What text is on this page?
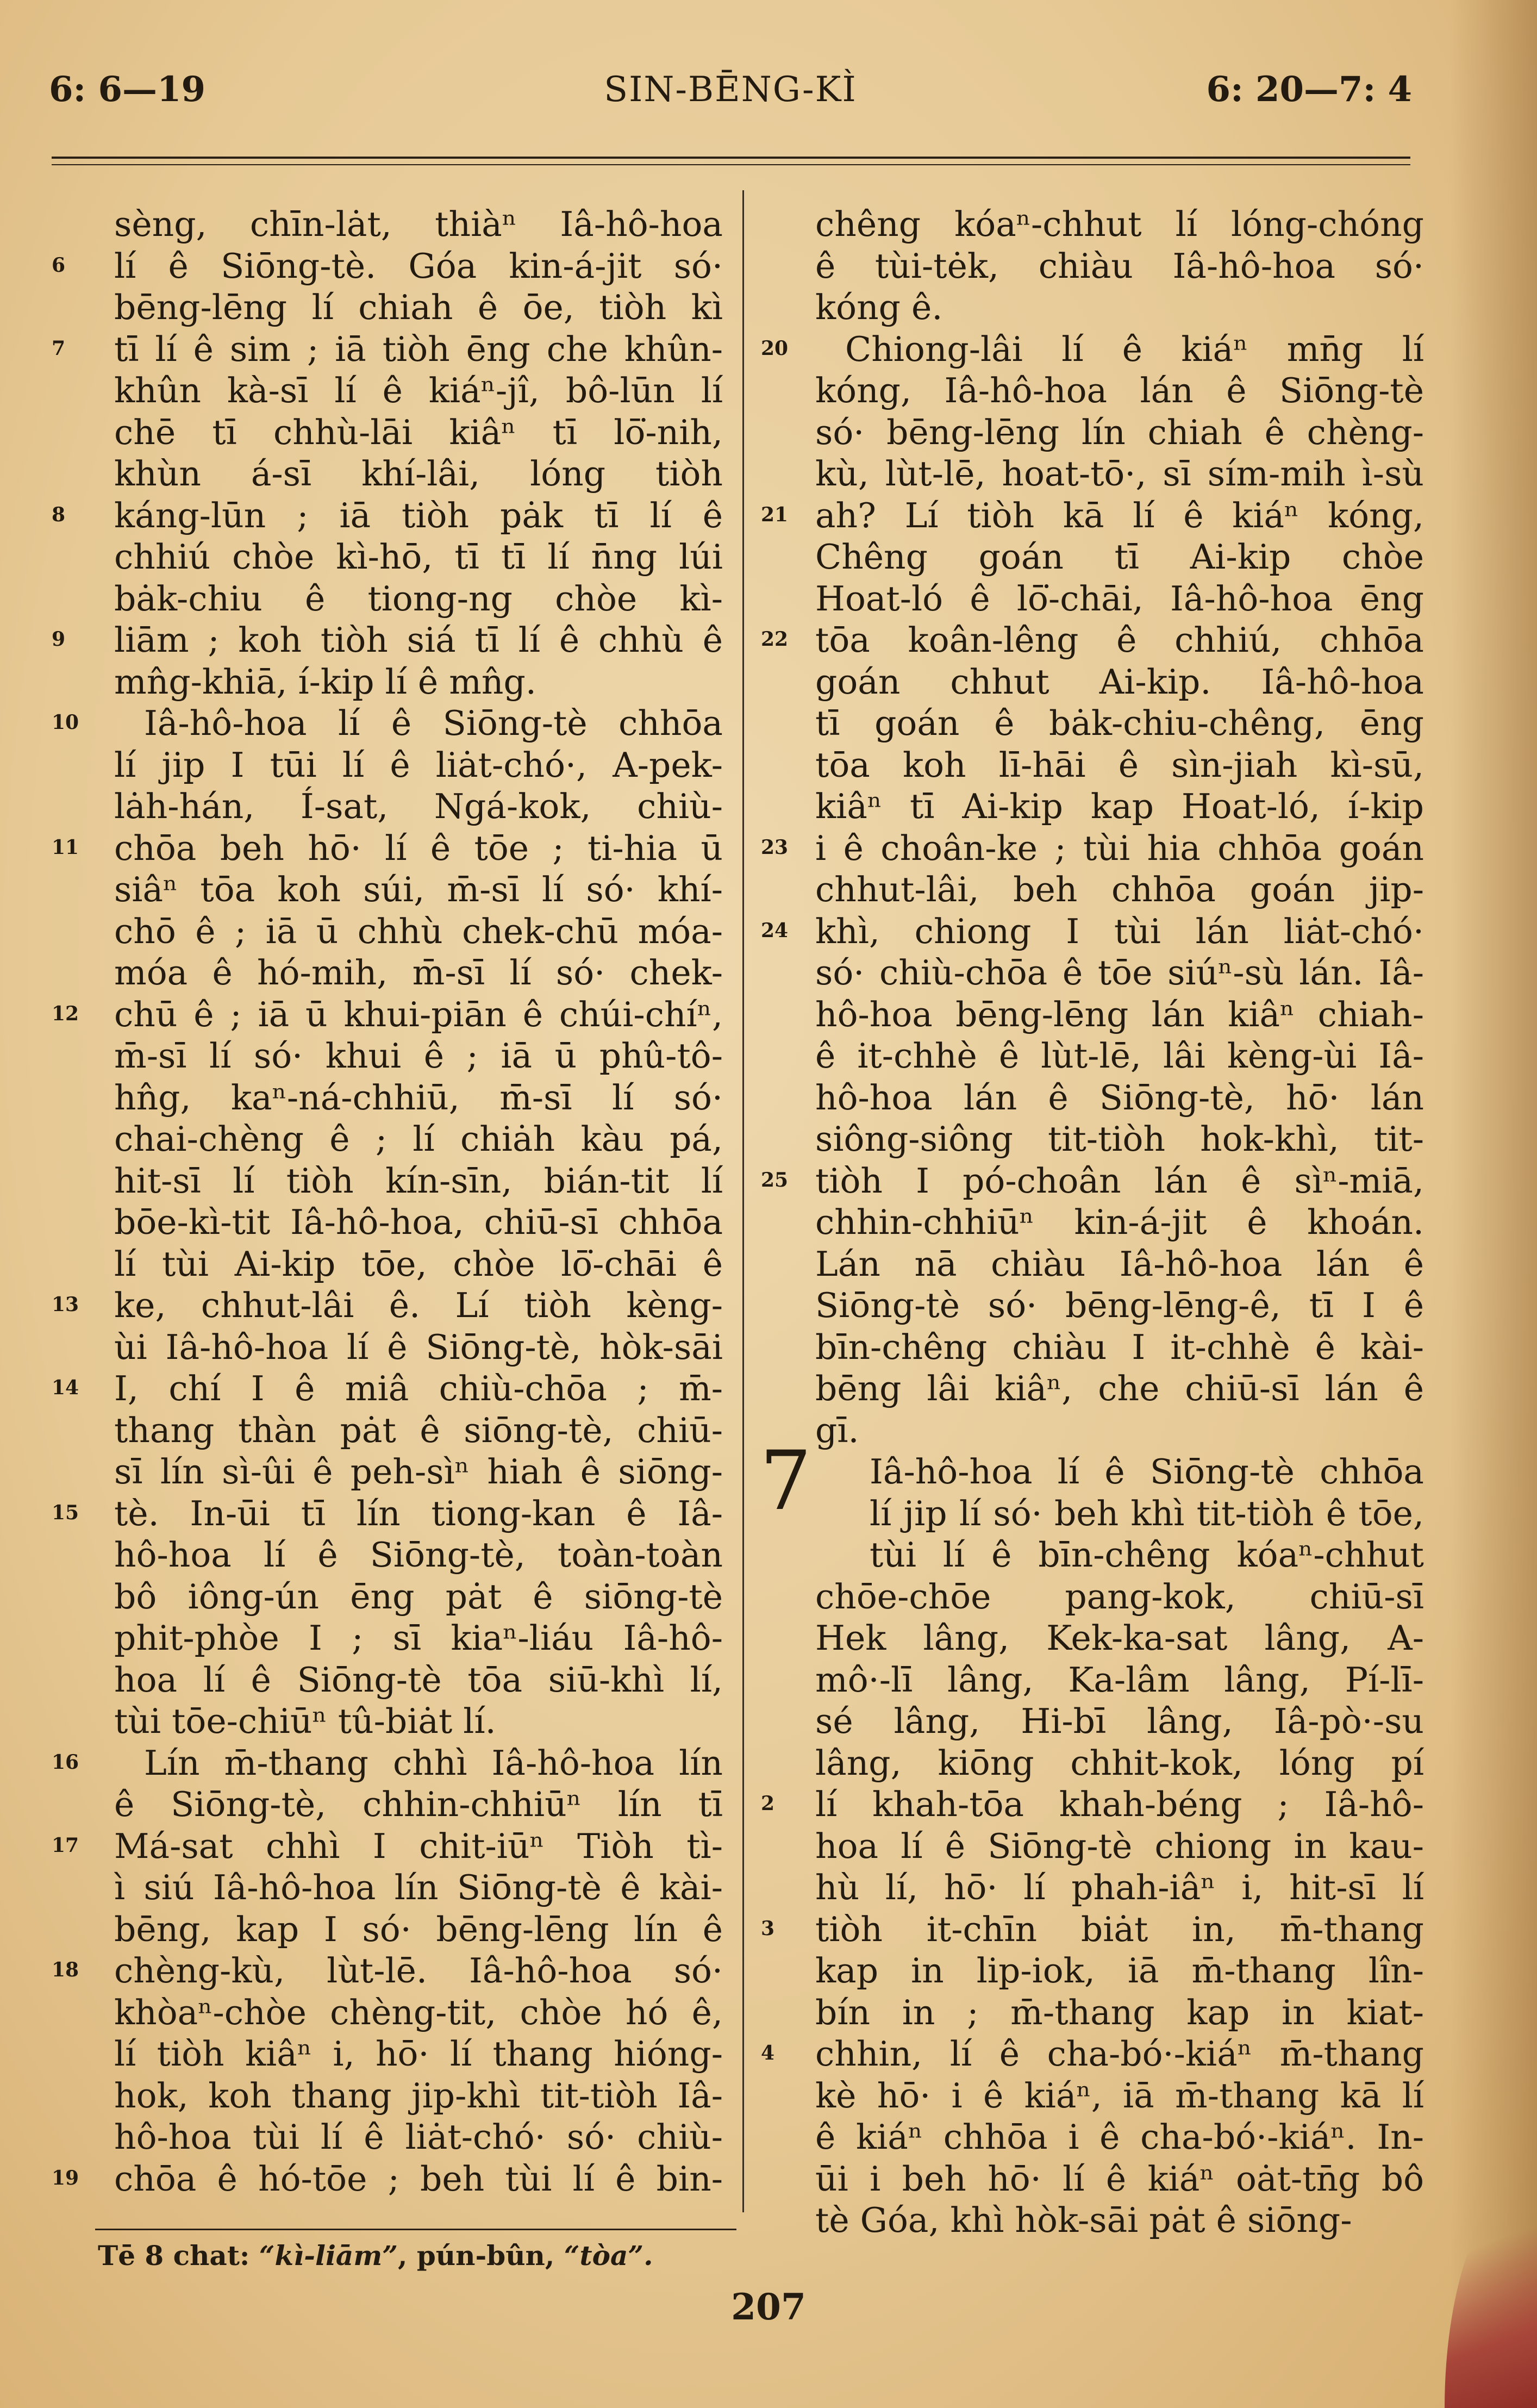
6: 6—19	SIN-BĒNG-KÌ	6: 20—7: 4
sèng, chīn-lȧt, thiàⁿ Iâ-hô-hoa
lí ê Siōng-tè. Góa kin-á-jit só·
bēng-lēng lí chiah ê ōe, tiòh kì
tī lí ê sim ; iā tiòh ēng che khûn-
khûn kà-sī lí ê kiáⁿ-jî, bô-lūn lí
chē tī chhù-lāi kiâⁿ tī lō͘-nih,
khùn á-sī khí-lâi, lóng tiòh
káng-lūn ; iā tiòh pȧk tī lí ê
chhiú chòe kì-hō, tī tī lí n̄ng lúi
bȧk-chiu ê tiong-ng chòe kì-
liām ; koh tiòh siá tī lí ê chhù ê
mn̂g-khiā, í-kip lí ê mn̂g.
Iâ-hô-hoa lí ê Siōng-tè chhōa
lí jip I tūi lí ê liȧt-chó·, A-pek-
lȧh-hán, Í-sat, Ngá-kok, chiù-
chōa beh hō· lí ê tōe ; ti-hia ū
siâⁿ tōa koh súi, m̄-sī lí só· khí-
chō ê ; iā ū chhù chek-chū móa-
móa ê hó-mih, m̄-sī lí só· chek-
chū ê ; iā ū khui-piān ê chúi-chíⁿ,
m̄-sī lí só· khui ê ; iā ū phû-tô-
hn̂g, kaⁿ-ná-chhiū, m̄-sī lí só·
chai-chèng ê ; lí chiȧh kàu pá,
hit-sī lí tiòh kín-sīn, bián-tit lí
bōe-kì-tit Iâ-hô-hoa, chiū-sī chhōa
lí tùi Ai-kip tōe, chòe lō͘-chāi ê
ke, chhut-lâi ê. Lí tiòh kèng-
ùi Iâ-hô-hoa lí ê Siōng-tè, hòk-sāi
I, chí I ê miâ chiù-chōa ; m̄-
thang thàn pȧt ê siōng-tè, chiū-
sī lín sì-ûi ê peh-sìⁿ hiah ê siōng-
tè. In-ūi tī lín tiong-kan ê Iâ-
hô-hoa lí ê Siōng-tè, toàn-toàn
bô iông-ún ēng pȧt ê siōng-tè
phit-phòe I ; sī kiaⁿ-liáu Iâ-hô-
hoa lí ê Siōng-tè tōa siū-khì lí,
tùi tōe-chiūⁿ tû-biȧt lí.
Lín m̄-thang chhì Iâ-hô-hoa lín
ê Siōng-tè, chhin-chhiūⁿ lín tī
Má-sat chhì I chit-iūⁿ Tiòh tì-
ì siú Iâ-hô-hoa lín Siōng-tè ê kài-
bēng, kap I só· bēng-lēng lín ê
chèng-kù, lùt-lē. Iâ-hô-hoa só·
khòaⁿ-chòe chèng-tit, chòe hó ê,
lí tiòh kiâⁿ i, hō· lí thang hióng-
hok, koh thang jip-khì tit-tiòh Iâ-
hô-hoa tùi lí ê liȧt-chó· só· chiù-
chōa ê hó-tōe ; beh tùi lí ê bin-
chêng kóaⁿ-chhut lí lóng-chóng
ê tùi-tėk, chiàu Iâ-hô-hoa só·
kóng ê.
Chiong-lâi lí ê kiáⁿ mn̄g lí
kóng, Iâ-hô-hoa lán ê Siōng-tè
só· bēng-lēng lín chiah ê chèng-
kù, lùt-lē, hoat-tō·, sī sím-mih ì-sù
ah? Lí tiòh kā lí ê kiáⁿ kóng,
Chêng goán tī Ai-kip chòe
Hoat-ló ê lō͘-chāi, Iâ-hô-hoa ēng
tōa koân-lêng ê chhiú, chhōa
goán chhut Ai-kip. Iâ-hô-hoa
tī goán ê bȧk-chiu-chêng, ēng
tōa koh lī-hāi ê sìn-jiah kì-sū,
kiâⁿ tī Ai-kip kap Hoat-ló, í-kip
i ê choân-ke ; tùi hia chhōa goán
chhut-lâi, beh chhōa goán jip-
khì, chiong I tùi lán liȧt-chó·
só· chiù-chōa ê tōe siúⁿ-sù lán. Iâ-
hô-hoa bēng-lēng lán kiâⁿ chiah-
ê it-chhè ê lùt-lē, lâi kèng-ùi Iâ-
hô-hoa lán ê Siōng-tè, hō· lán
siông-siông tit-tiòh hok-khì, tit-
tiòh I pó-choân lán ê sìⁿ-miā,
chhin-chhiūⁿ kin-á-jit ê khoán.
Lán nā chiàu Iâ-hô-hoa lán ê
Siōng-tè só· bēng-lēng-ê, tī I ê
bīn-chêng chiàu I it-chhè ê kài-
bēng lâi kiâⁿ, che chiū-sī lán ê
gī.
Iâ-hô-hoa lí ê Siōng-tè chhōa
lí jip lí só· beh khì tit-tiòh ê tōe,
tùi lí ê bīn-chêng kóaⁿ-chhut
chōe-chōe pang-kok, chiū-sī
Hek lâng, Kek-ka-sat lâng, A-
mô·-lī lâng, Ka-lâm lâng, Pí-lī-
sé lâng, Hi-bī lâng, Iâ-pò·-su
lâng, kiōng chhit-kok, lóng pí
lí khah-tōa khah-béng ; Iâ-hô-
hoa lí ê Siōng-tè chiong in kau-
hù lí, hō· lí phah-iâⁿ i, hit-sī lí
tiòh it-chīn biȧt in, m̄-thang
kap in lip-iok, iā m̄-thang lîn-
bín in ; m̄-thang kap in kiat-
chhin, lí ê cha-bó·-kiáⁿ m̄-thang
kè hō· i ê kiáⁿ, iā m̄-thang kā lí
ê kiáⁿ chhōa i ê cha-bó·-kiáⁿ. In-
ūi i beh hō· lí ê kiáⁿ oȧt-tn̄g bô
tè Góa, khì hòk-sāi pȧt ê siōng-
7
6
7
8
9
10
11
12
13
14
15
16
17
18
19
20
21
22
23
24
25
2
3
4
Tē 8 chat: “kì-liām”, pún-bûn, “tòa”.
207
